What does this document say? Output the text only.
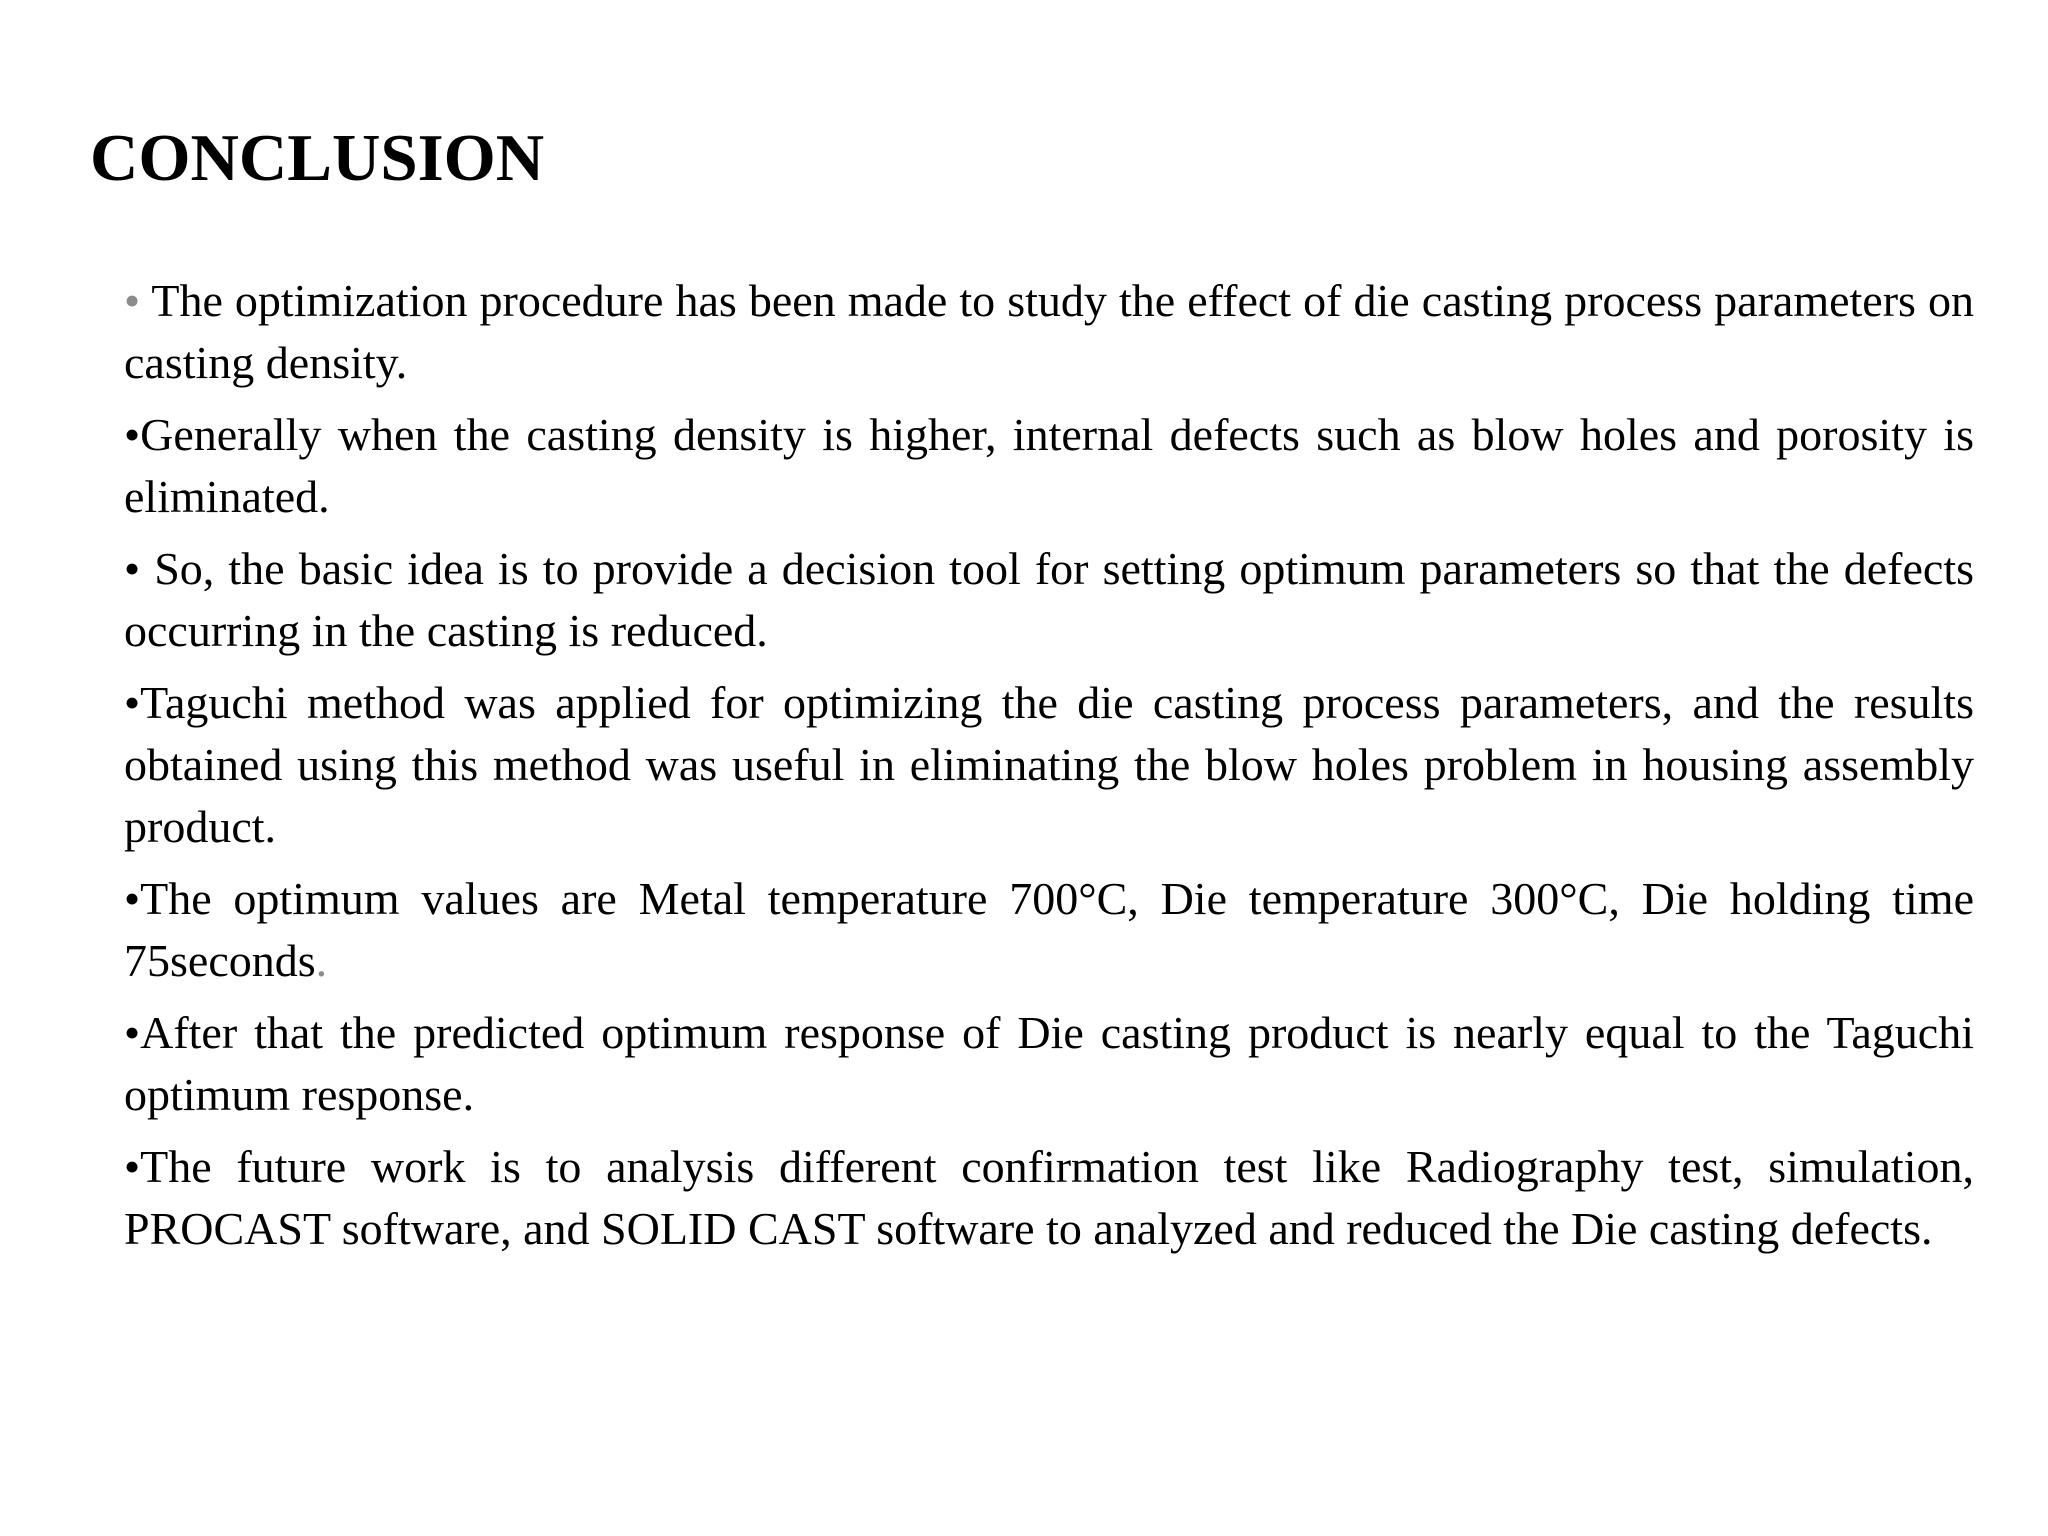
CONCLUSION
• The optimization procedure has been made to study the effect of die casting process parameters on casting density.
•Generally when the casting density is higher, internal defects such as blow holes and porosity is eliminated.
• So, the basic idea is to provide a decision tool for setting optimum parameters so that the defects occurring in the casting is reduced.
•Taguchi method was applied for optimizing the die casting process parameters, and the results obtained using this method was useful in eliminating the blow holes problem in housing assembly product.
•The optimum values are Metal temperature 700°C, Die temperature 300°C, Die holding time 75seconds.
•After that the predicted optimum response of Die casting product is nearly equal to the Taguchi optimum response.
•The future work is to analysis different confirmation test like Radiography test, simulation, PROCAST software, and SOLID CAST software to analyzed and reduced the Die casting defects.
